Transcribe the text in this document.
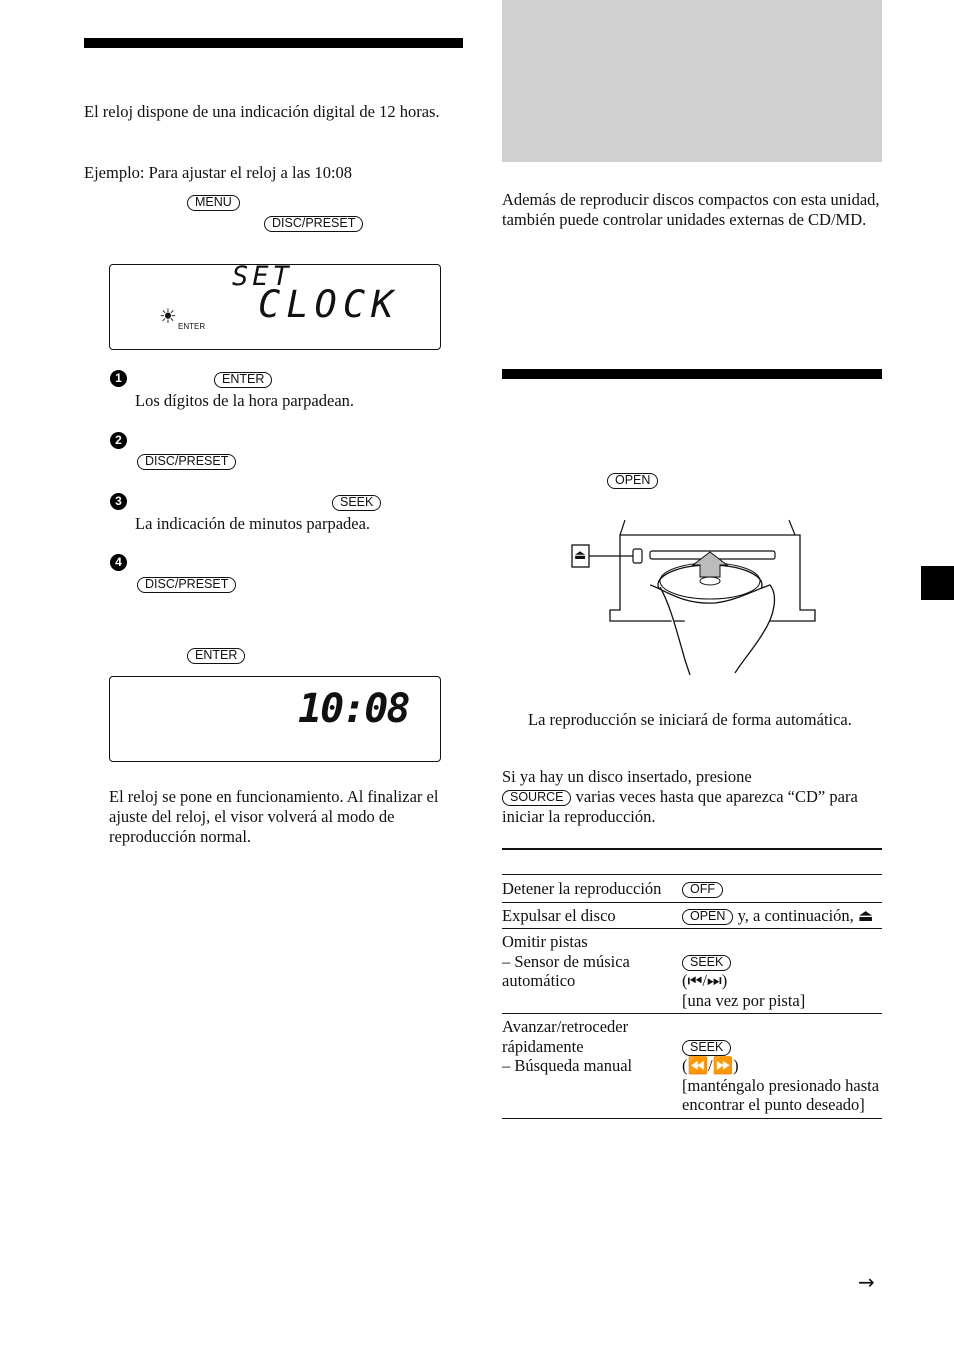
El reloj dispone de una indicación digital de 12 horas.
Ejemplo: Para ajustar el reloj a las 10:08
MENU
DISC/PRESET
SET
CLOCK
☀ ENTER
1	ENTER
Los dígitos de la hora parpadean.
2
DISC/PRESET
3	SEEK
La indicación de minutos parpadea.
4
DISC/PRESET
ENTER
10:08
El reloj se pone en funcionamiento. Al finalizar el ajuste del reloj, el visor volverá al modo de reproducción normal.
Además de reproducir discos compactos con esta unidad, también puede controlar unidades externas de CD/MD.
OPEN
⏏
La reproducción se iniciará de forma automática.
Si ya hay un disco insertado, presione
SOURCE varias veces hasta que aparezca “CD” para iniciar la reproducción.
Detener la reproducción	OFF
Expulsar el disco	OPEN y, a continuación, ⏏
Omitir pistas
– Sensor de música
automático	SEEK
(⏮/⏭)
[una vez por pista]

Avanzar/retroceder rápidamente
– Búsqueda manual	SEEK
(⏪/⏩)
[manténgalo presionado hasta encontrar el punto deseado]

→
